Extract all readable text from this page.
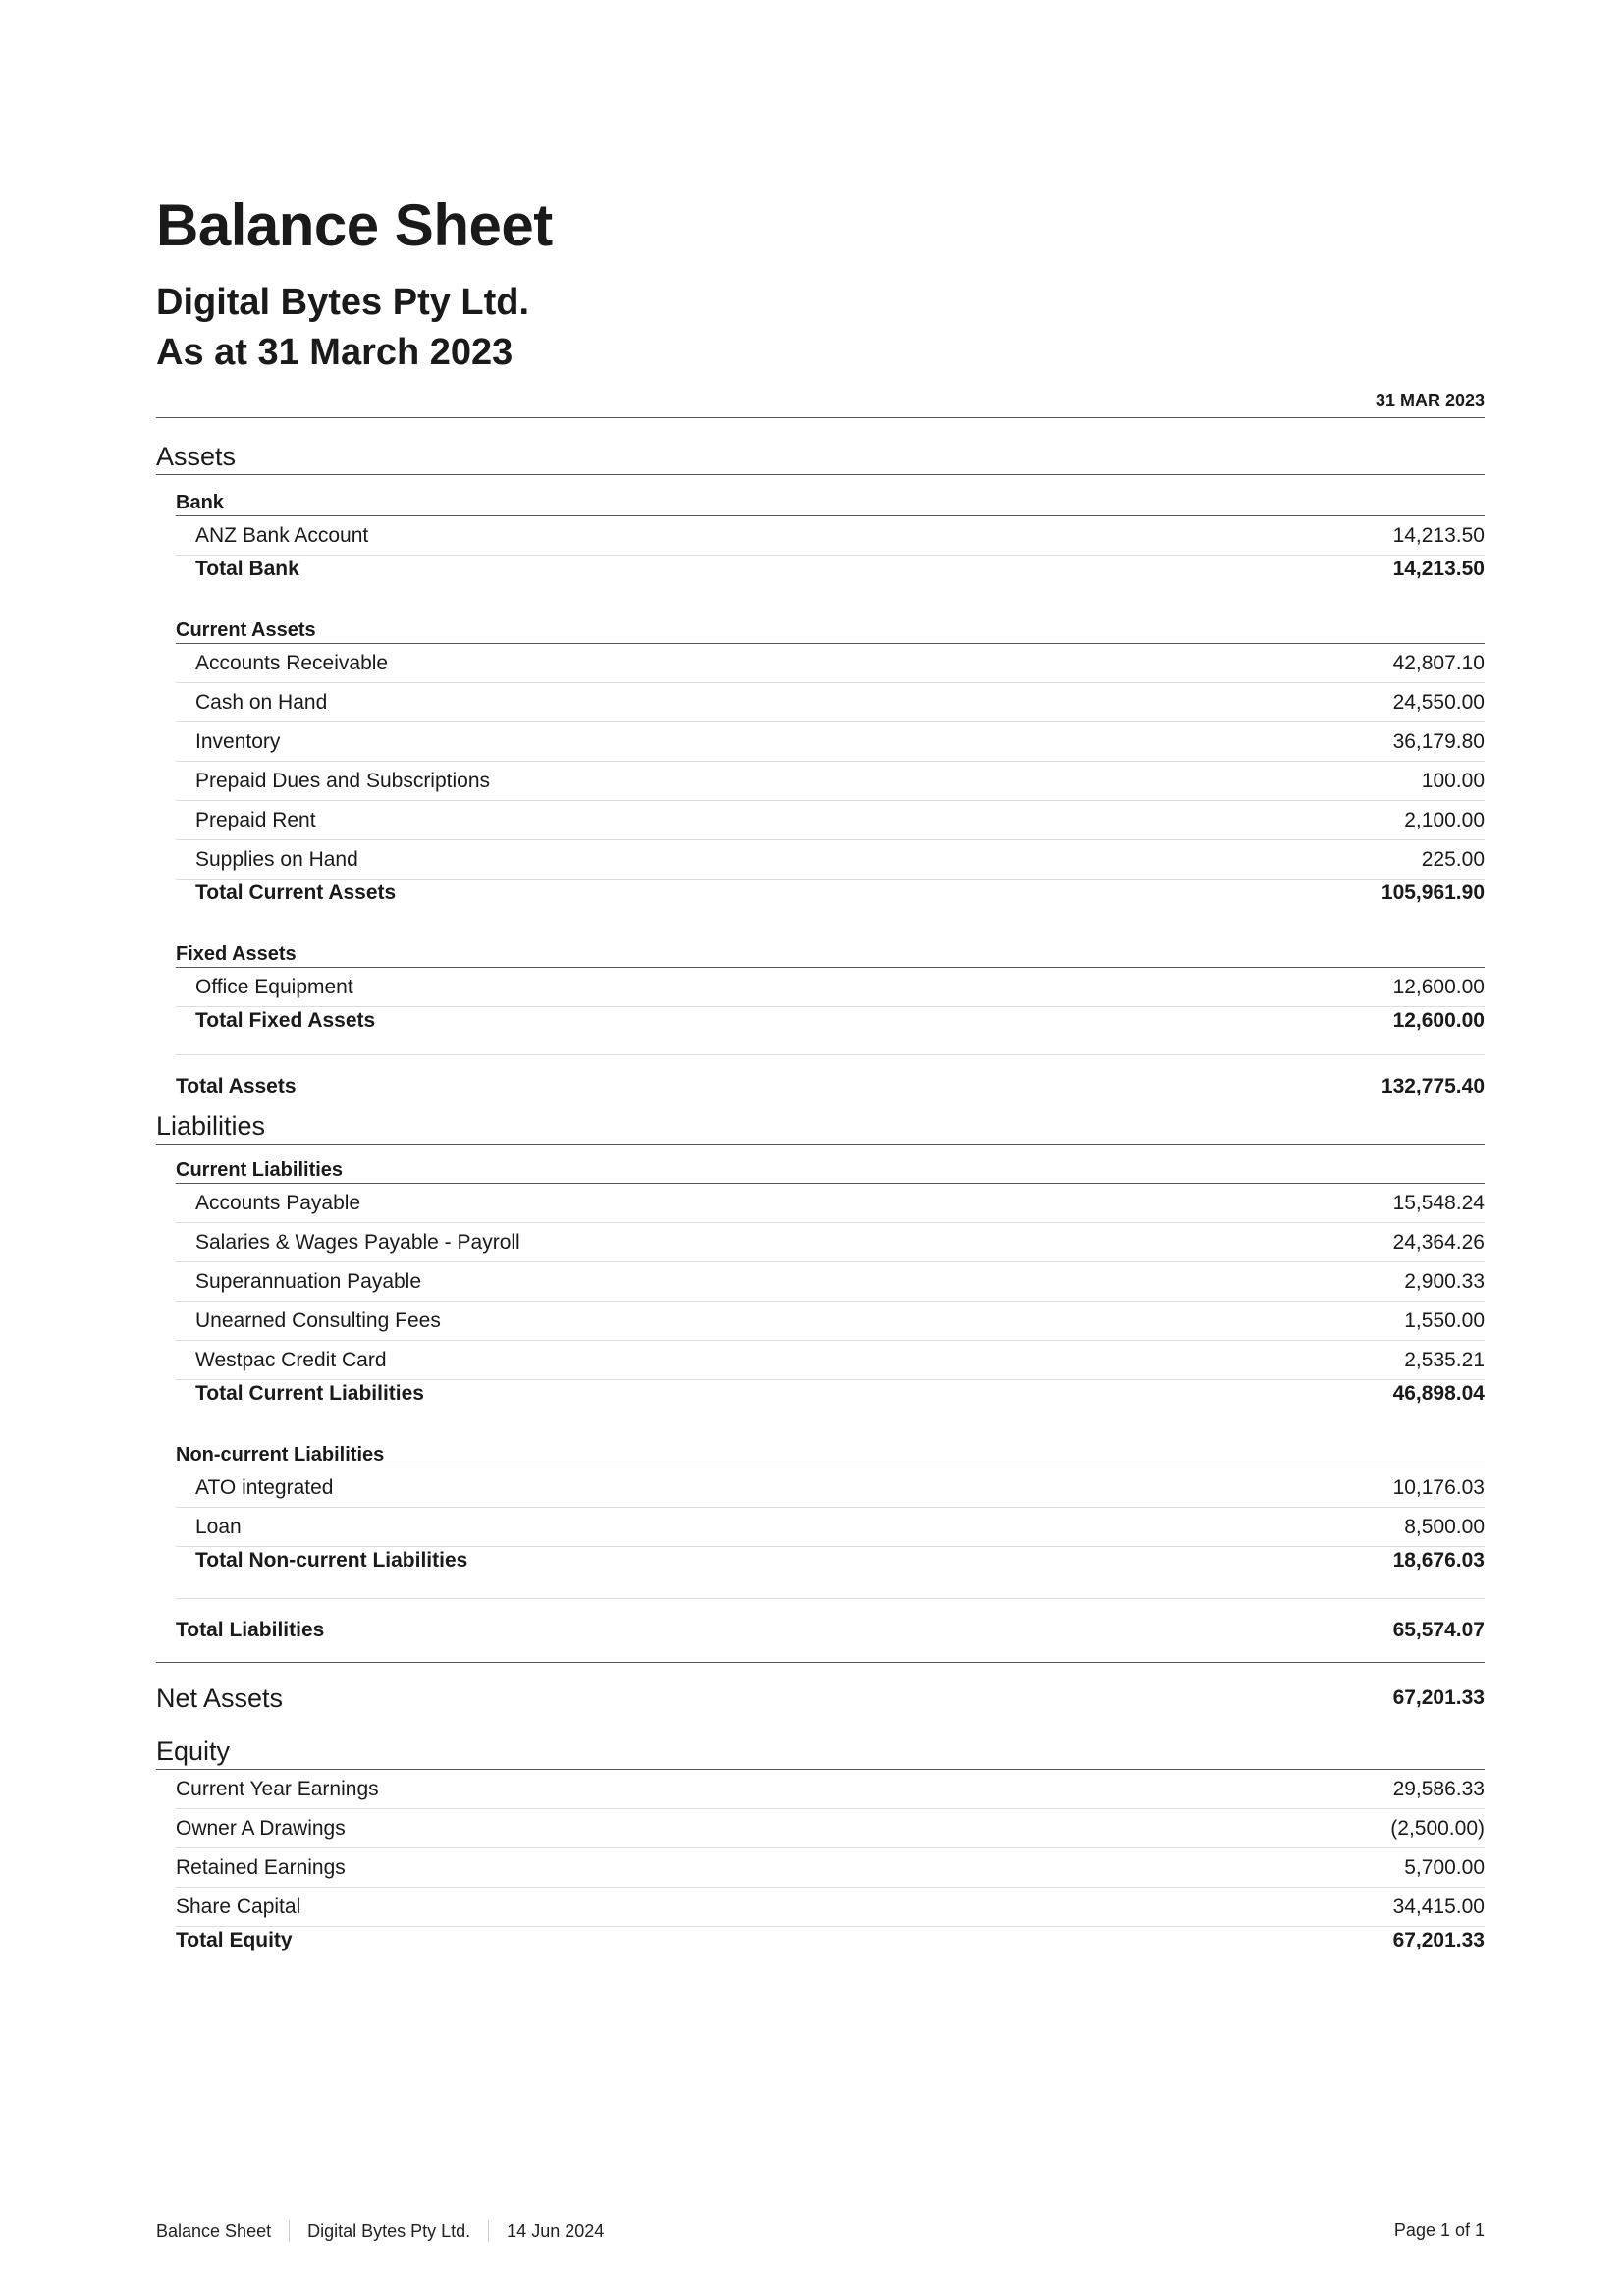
Balance Sheet
Digital Bytes Pty Ltd.
As at 31 March 2023
31 MAR 2023
Assets
Bank
ANZ Bank Account	14,213.50
Total Bank	14,213.50
Current Assets
Accounts Receivable	42,807.10
Cash on Hand	24,550.00
Inventory	36,179.80
Prepaid Dues and Subscriptions	100.00
Prepaid Rent	2,100.00
Supplies on Hand	225.00
Total Current Assets	105,961.90
Fixed Assets
Office Equipment	12,600.00
Total Fixed Assets	12,600.00
Total Assets	132,775.40
Liabilities
Current Liabilities
Accounts Payable	15,548.24
Salaries & Wages Payable - Payroll	24,364.26
Superannuation Payable	2,900.33
Unearned Consulting Fees	1,550.00
Westpac Credit Card	2,535.21
Total Current Liabilities	46,898.04
Non-current Liabilities
ATO integrated	10,176.03
Loan	8,500.00
Total Non-current Liabilities	18,676.03
Total Liabilities	65,574.07
Net Assets	67,201.33
Equity
Current Year Earnings	29,586.33
Owner A Drawings	(2,500.00)
Retained Earnings	5,700.00
Share Capital	34,415.00
Total Equity	67,201.33
Balance Sheet Digital Bytes Pty Ltd. 14 Jun 2024	Page 1 of 1
